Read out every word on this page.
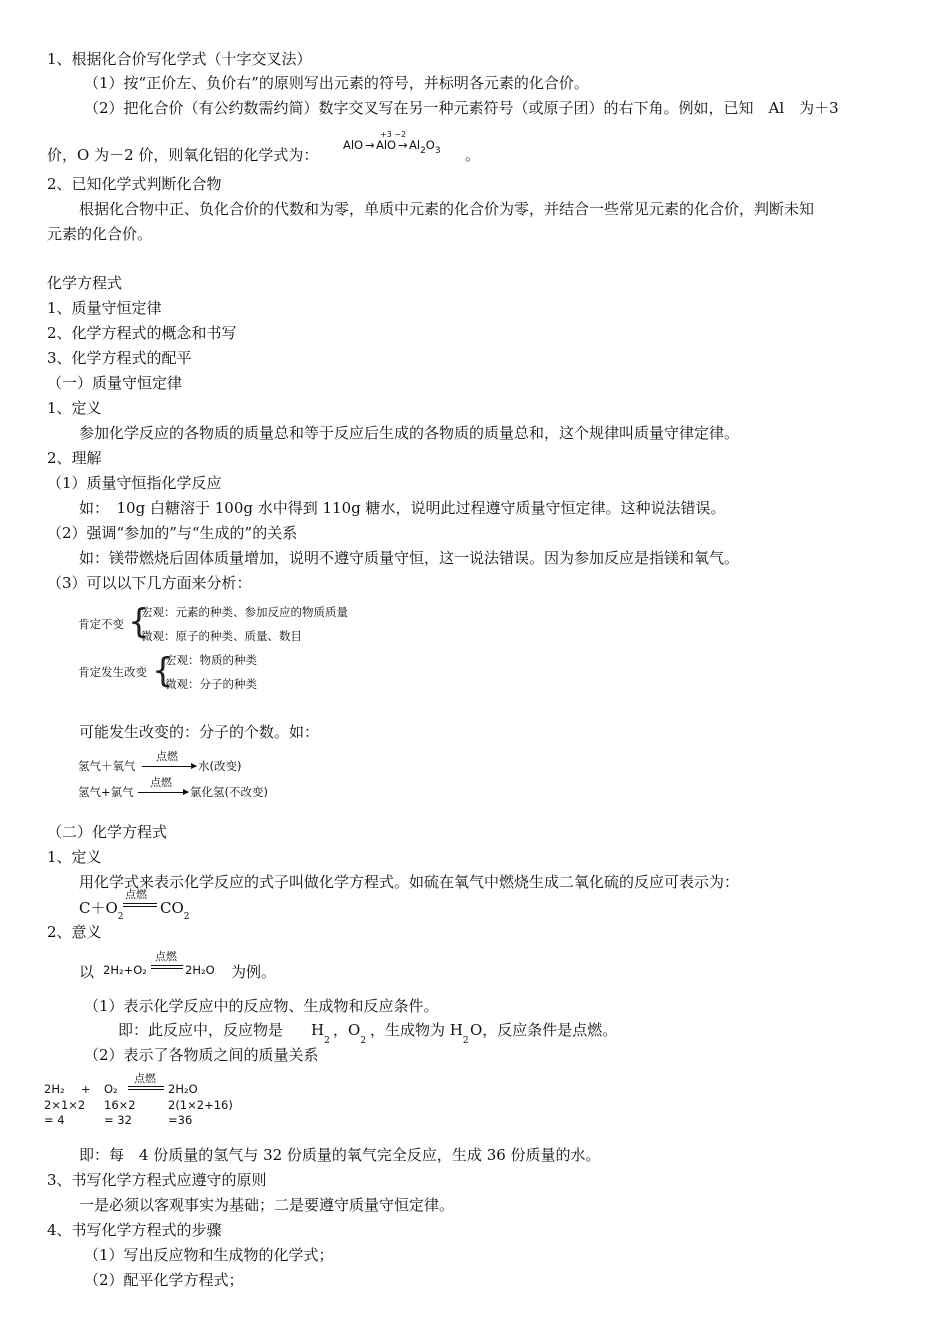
1、根据化合价写化学式（十字交叉法）
（1）按“正价左、负价右”的原则写出元素的符号，并标明各元素的化合价。
（2）把化合价（有公约数需约简）数字交叉写在另一种元素符号（或原子团）的右下角。例如，已知　Al　为＋3
价，O 为－2 价，则氧化铝的化学式为：
+3 −2
AlO → AlO → $Al_2O_3$ 。
2、已知化学式判断化合物
根据化合物中正、负化合价的代数和为零，单质中元素的化合价为零，并结合一些常见元素的化合价，判断未知
元素的化合价。
化学方程式
1、质量守恒定律
2、化学方程式的概念和书写
3、化学方程式的配平
（一）质量守恒定律
1、定义
参加化学反应的各物质的质量总和等于反应后生成的各物质的质量总和，这个规律叫质量守律定律。
2、理解
（1）质量守恒指化学反应
如：　10g 白糖溶于 100g 水中得到 110g 糖水，说明此过程遵守质量守恒定律。这种说法错误。
（2）强调“参加的”与“生成的”的关系
如：镁带燃烧后固体质量增加，说明不遵守质量守恒，这一说法错误。因为参加反应是指镁和氧气。
（3）可以以下几方面来分析：
肯定不变 {
宏观：元素的种类、参加反应的物质质量
微观：原子的种类、质量、数目
肯定发生改变 {
宏观：物质的种类
微观：分子的种类
可能发生改变的：分子的个数。如：
氢气＋氧气
点燃
→ 水(改变)
氢气+氯气
点燃
→ 氯化氢(不改变)
（二）化学方程式
1、定义
用化学式来表示化学反应的式子叫做化学方程式。如硫在氧气中燃烧生成二氧化硫的反应可表示为：
$C+O_2$
点燃
$CO_2$
2、意义
以 2H₂+O₂
点燃
2H₂O 为例。
（1）表示化学反应中的反应物、生成物和反应条件。
即：此反应中，反应物是 $H_2$
，$O_2$
，生成物为 $H_2$
O，反应条件是点燃。
（2）表示了各物质之间的质量关系
2H₂ + O₂
点燃
2H₂O
2×1×2 16×2	2(1×2+16)
= 4	= 32	=36
即：每　4 份质量的氢气与 32 份质量的氧气完全反应，生成 36 份质量的水。
3、书写化学方程式应遵守的原则
一是必须以客观事实为基础；二是要遵守质量守恒定律。
4、书写化学方程式的步骤
（1）写出反应物和生成物的化学式；
（2）配平化学方程式；
